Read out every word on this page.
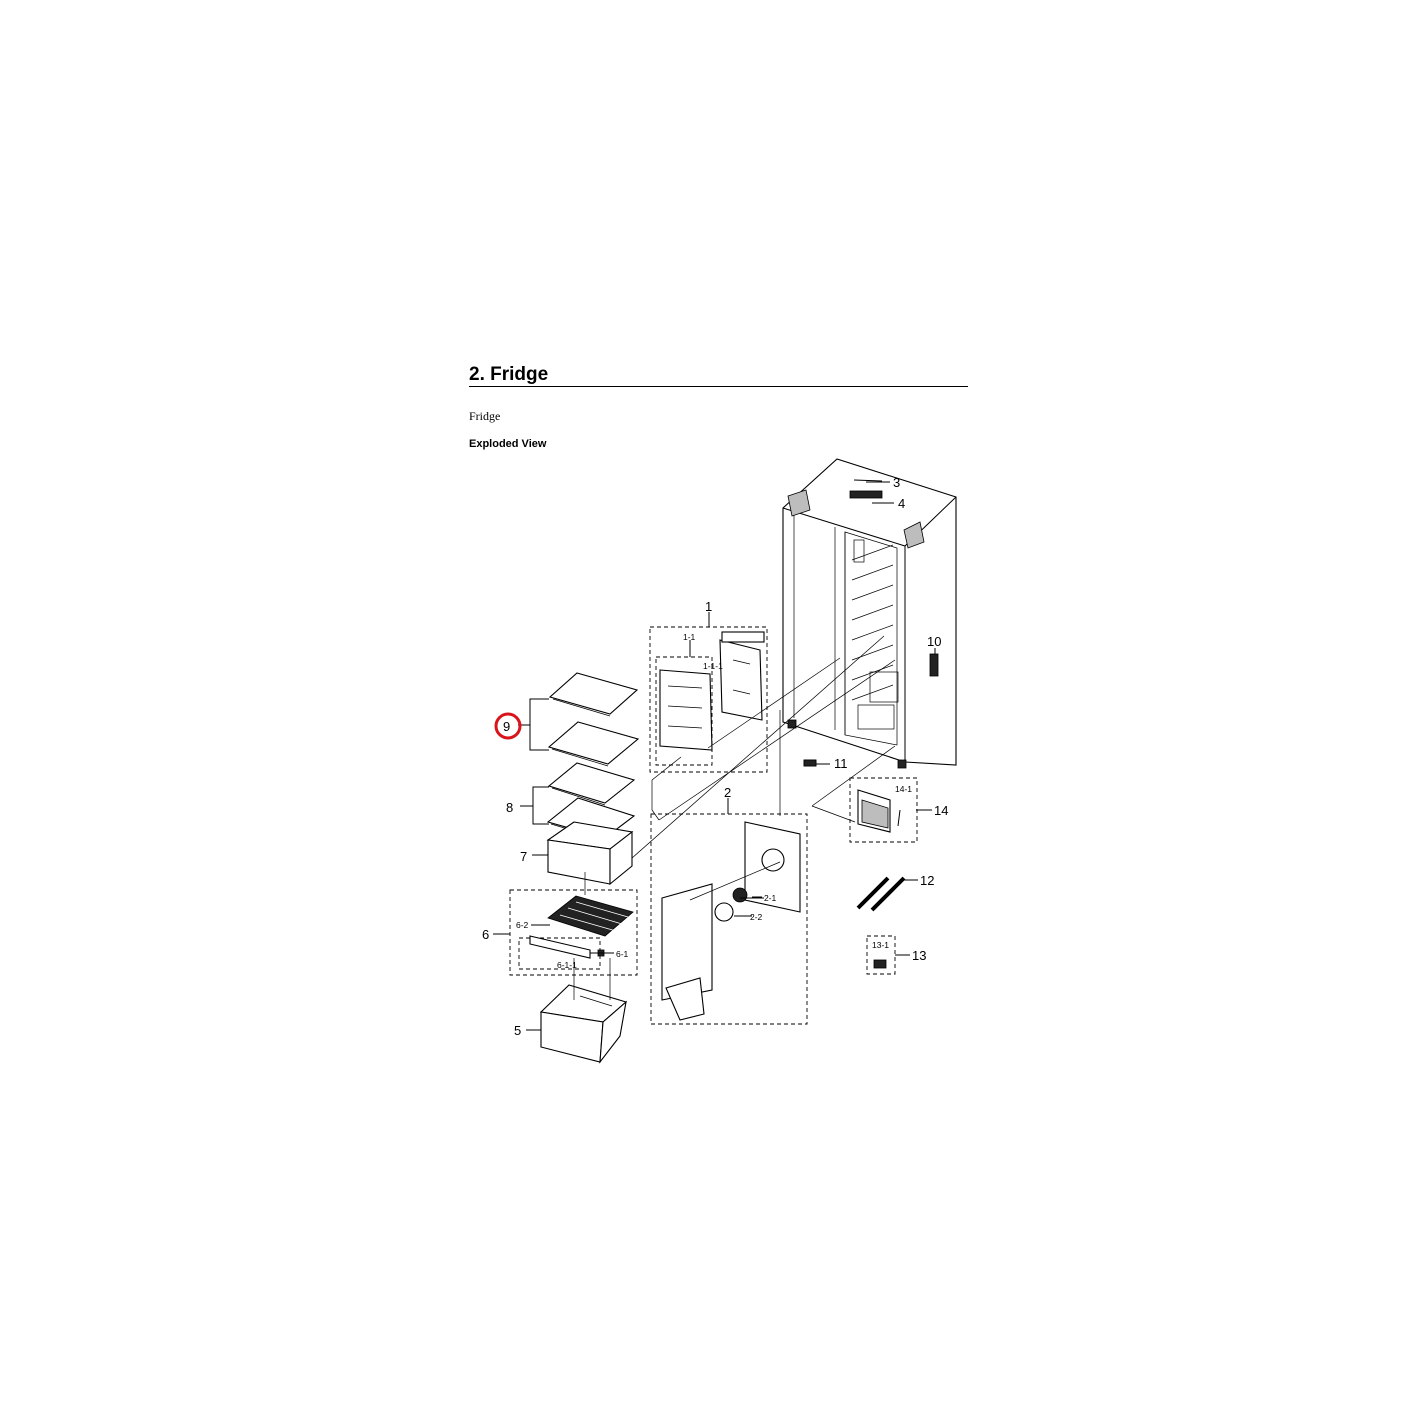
2. Fridge
Fridge
Exploded View
3
4
1
1-1
1-1-1
10
11
2
2-1
2-2
14-1
14
12
13-1
13
8
7
6
6-2
6-1
6-1-1
5
9
